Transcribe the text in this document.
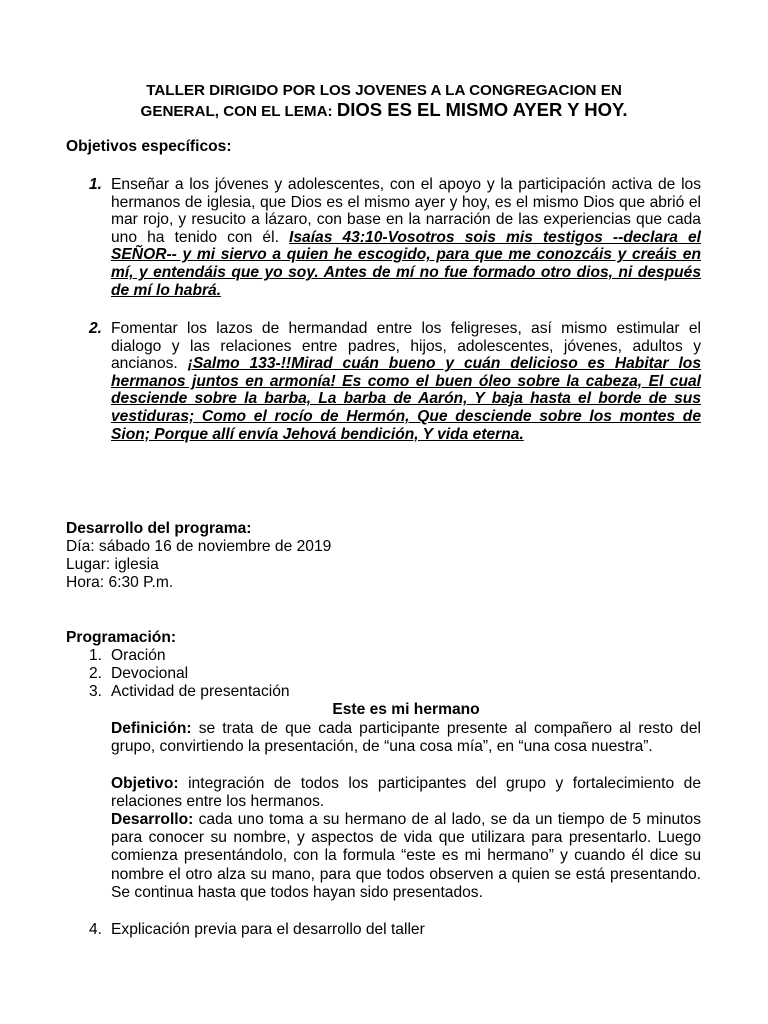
TALLER DIRIGIDO POR LOS JOVENES A LA CONGREGACION EN
GENERAL, CON EL LEMA: DIOS ES EL MISMO AYER Y HOY.
Objetivos específicos:
1. Enseñar a los jóvenes y adolescentes, con el apoyo y la participación activa de los hermanos de iglesia, que Dios es el mismo ayer y hoy, es el mismo Dios que abrió el mar rojo, y resucito a lázaro, con base en la narración de las experiencias que cada uno ha tenido con él. Isaías 43:10-Vosotros sois mis testigos --declara el SEÑOR-- y mi siervo a quien he escogido, para que me conozcáis y creáis en mí, y entendáis que yo soy. Antes de mí no fue formado otro dios, ni después de mí lo habrá.
2. Fomentar los lazos de hermandad entre los feligreses, así mismo estimular el dialogo y las relaciones entre padres, hijos, adolescentes, jóvenes, adultos y ancianos. ¡Salmo 133-!!Mirad cuán bueno y cuán delicioso es Habitar los hermanos juntos en armonía! Es como el buen óleo sobre la cabeza, El cual desciende sobre la barba, La barba de Aarón, Y baja hasta el borde de sus vestiduras; Como el rocío de Hermón, Que desciende sobre los montes de Sion; Porque allí envía Jehová bendición, Y vida eterna.
Desarrollo del programa:
Día: sábado 16 de noviembre de 2019
Lugar: iglesia
Hora: 6:30 P.m.
Programación:
1. Oración
2. Devocional
3. Actividad de presentación
Este es mi hermano
Definición: se trata de que cada participante presente al compañero al resto del grupo, convirtiendo la presentación, de “una cosa mía”, en “una cosa nuestra”.
Objetivo: integración de todos los participantes del grupo y fortalecimiento de relaciones entre los hermanos.
Desarrollo: cada uno toma a su hermano de al lado, se da un tiempo de 5 minutos para conocer su nombre, y aspectos de vida que utilizara para presentarlo. Luego comienza presentándolo, con la formula “este es mi hermano” y cuando él dice su nombre el otro alza su mano, para que todos observen a quien se está presentando. Se continua hasta que todos hayan sido presentados.
4. Explicación previa para el desarrollo del taller
